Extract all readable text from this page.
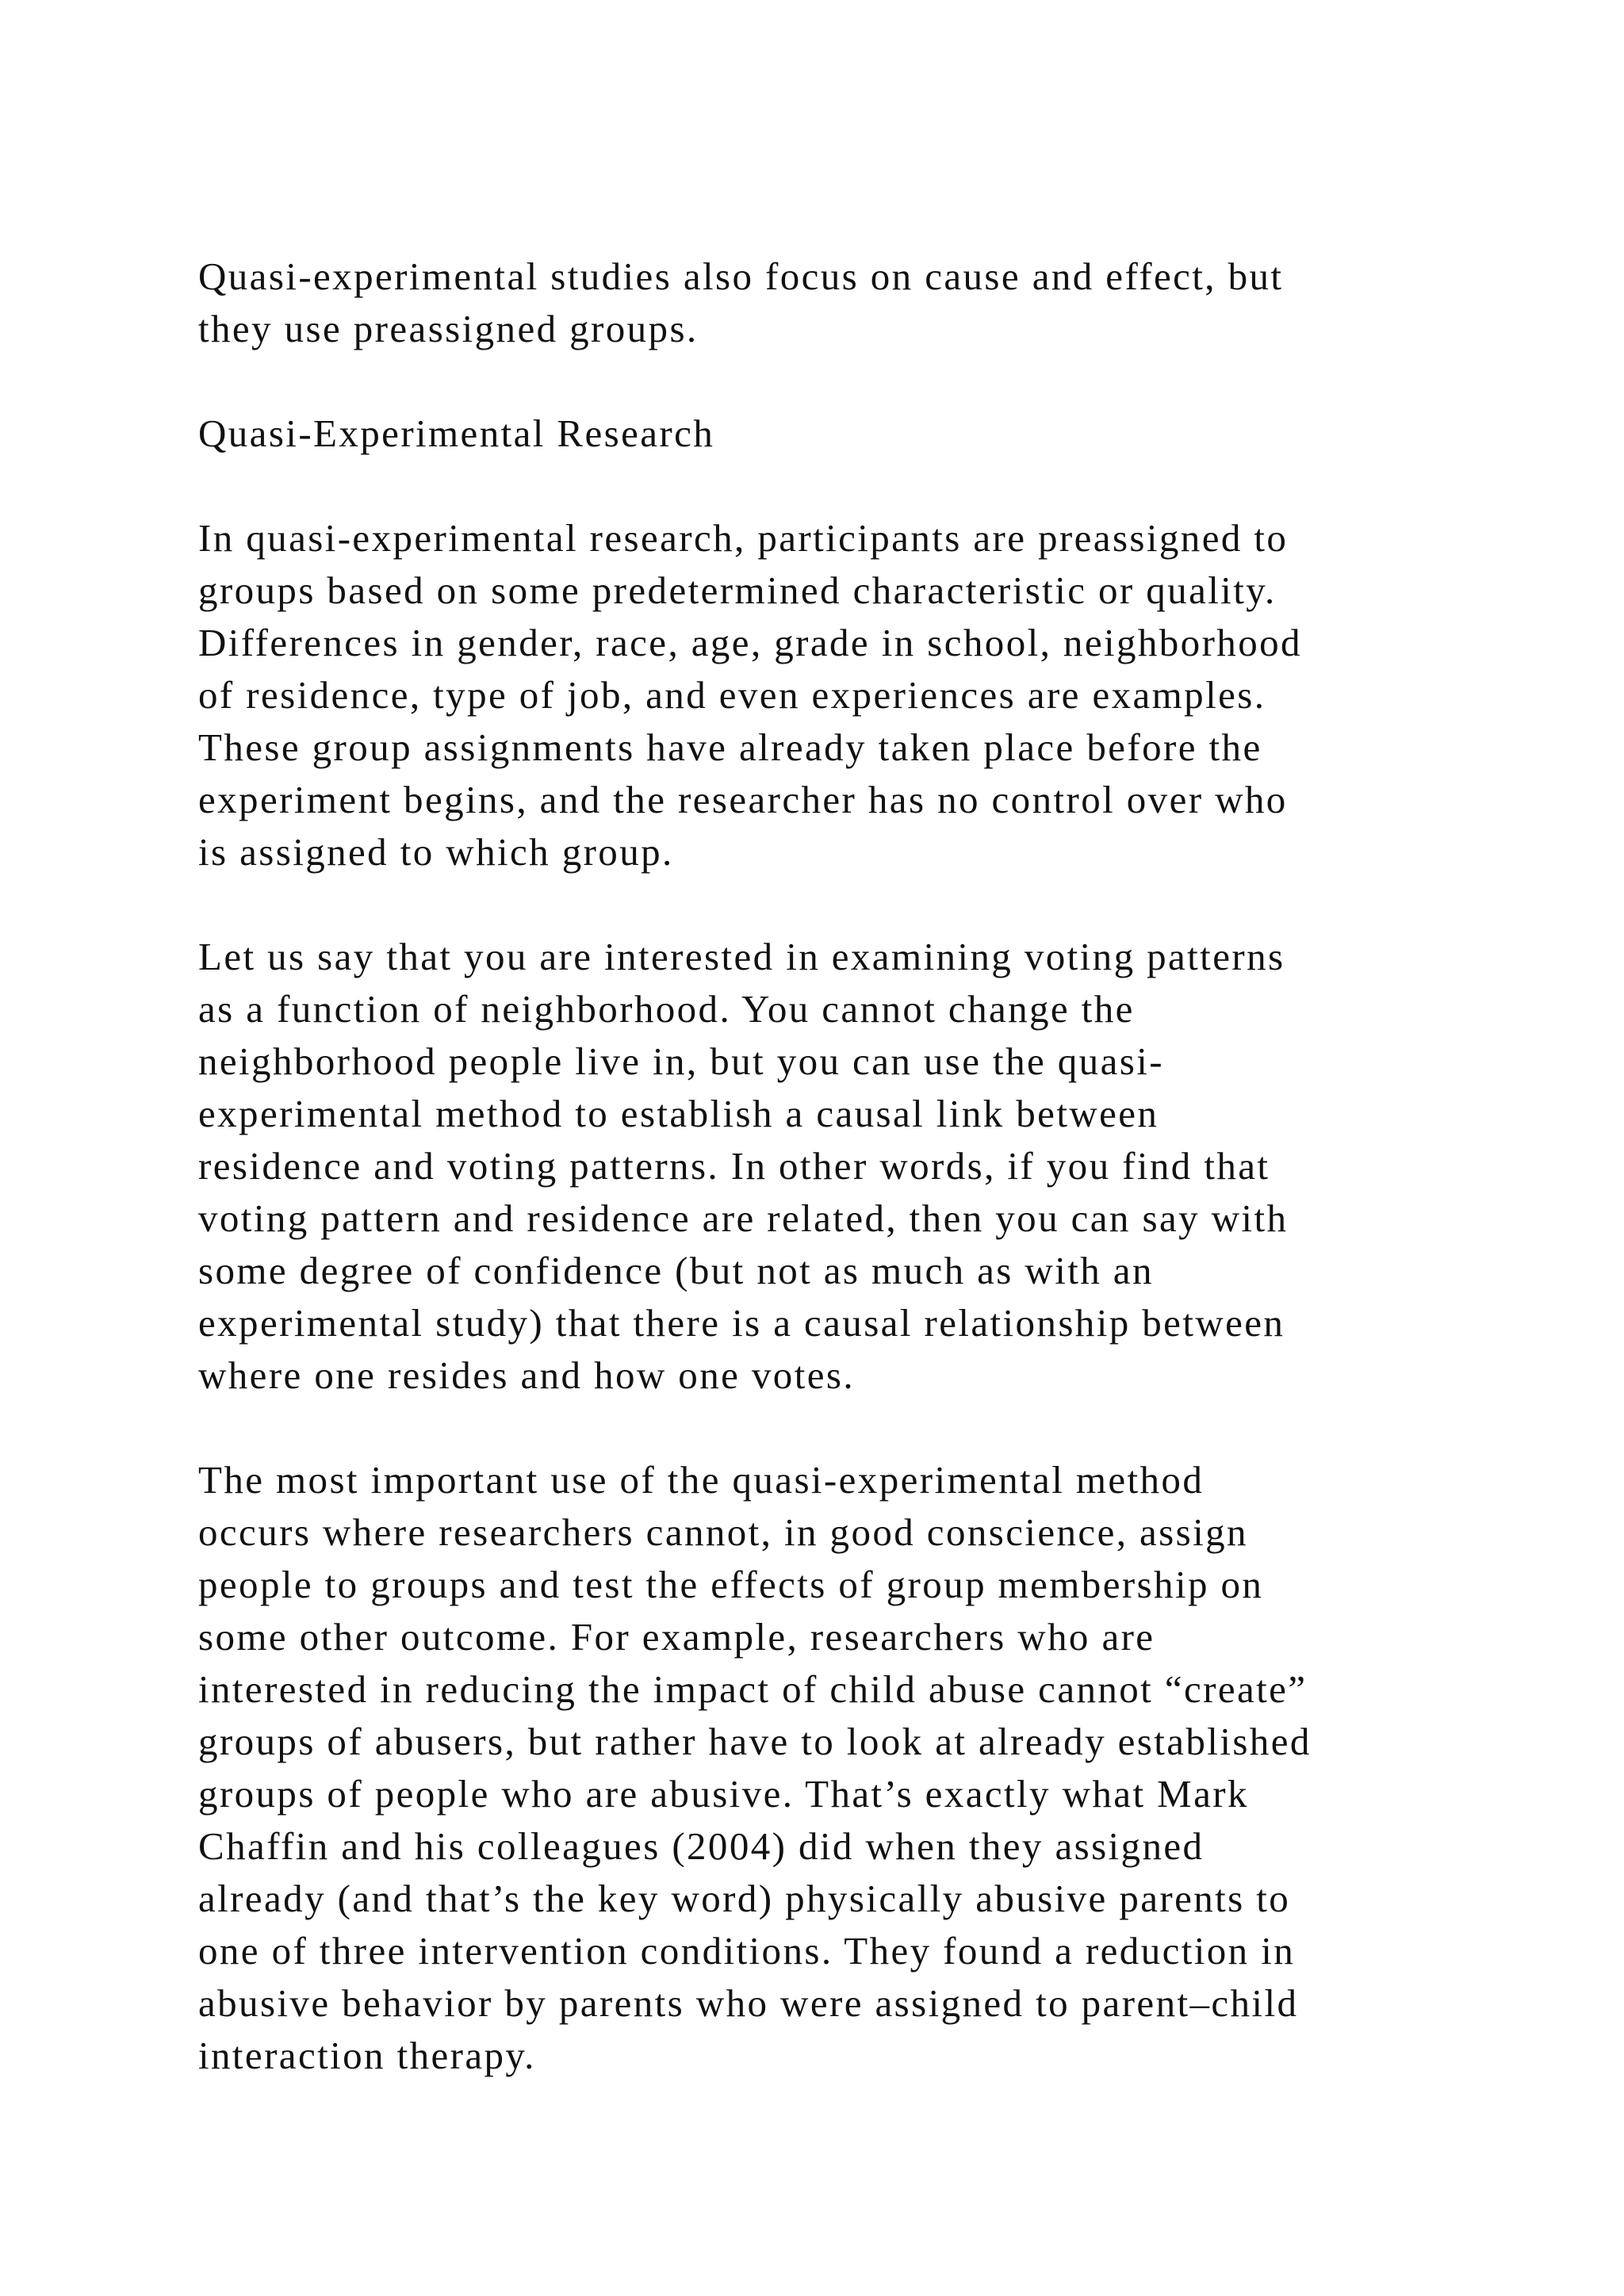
Quasi-experimental studies also focus on cause and effect, but
they use preassigned groups.
Quasi-Experimental Research
In quasi-experimental research, participants are preassigned to
groups based on some predetermined characteristic or quality.
Differences in gender, race, age, grade in school, neighborhood
of residence, type of job, and even experiences are examples.
These group assignments have already taken place before the
experiment begins, and the researcher has no control over who
is assigned to which group.
Let us say that you are interested in examining voting patterns
as a function of neighborhood. You cannot change the
neighborhood people live in, but you can use the quasi-
experimental method to establish a causal link between
residence and voting patterns. In other words, if you find that
voting pattern and residence are related, then you can say with
some degree of confidence (but not as much as with an
experimental study) that there is a causal relationship between
where one resides and how one votes.
The most important use of the quasi-experimental method
occurs where researchers cannot, in good conscience, assign
people to groups and test the effects of group membership on
some other outcome. For example, researchers who are
interested in reducing the impact of child abuse cannot “create”
groups of abusers, but rather have to look at already established
groups of people who are abusive. That’s exactly what Mark
Chaffin and his colleagues (2004) did when they assigned
already (and that’s the key word) physically abusive parents to
one of three intervention conditions. They found a reduction in
abusive behavior by parents who were assigned to parent–child
interaction therapy.
